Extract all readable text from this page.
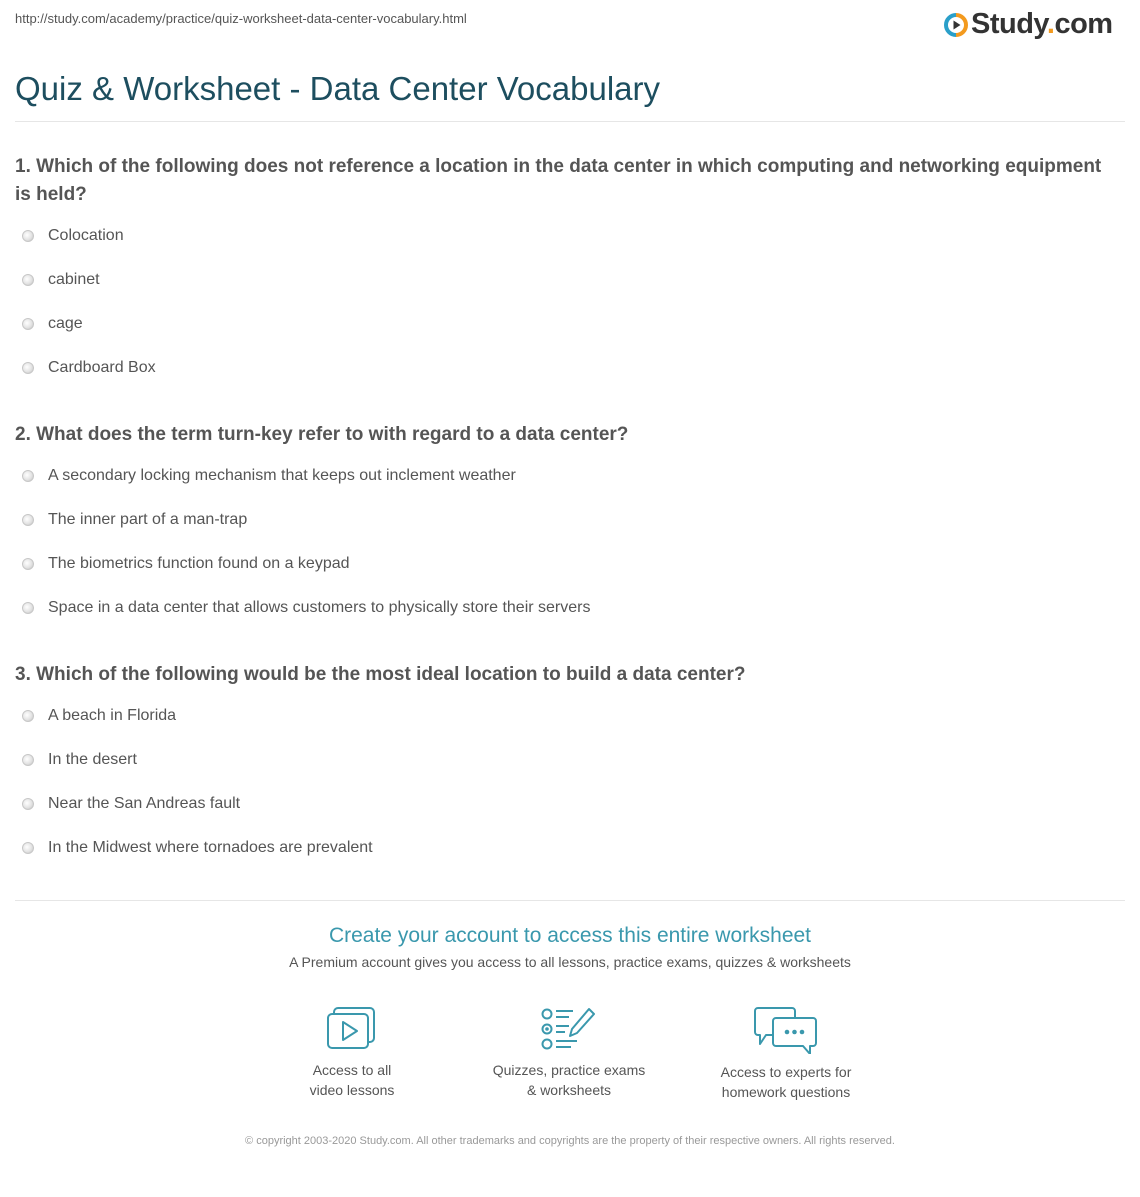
http://study.com/academy/practice/quiz-worksheet-data-center-vocabulary.html	Study.com
Quiz & Worksheet - Data Center Vocabulary
1. Which of the following does not reference a location in the data center in which computing and networking equipment is held?
Colocation
cabinet
cage
Cardboard Box
2. What does the term turn-key refer to with regard to a data center?
A secondary locking mechanism that keeps out inclement weather
The inner part of a man-trap
The biometrics function found on a keypad
Space in a data center that allows customers to physically store their servers
3. Which of the following would be the most ideal location to build a data center?
A beach in Florida
In the desert
Near the San Andreas fault
In the Midwest where tornadoes are prevalent
Create your account to access this entire worksheet
A Premium account gives you access to all lessons, practice exams, quizzes & worksheets
Access to all
video lessons
Quizzes, practice exams
& worksheets
Access to experts for
homework questions
© copyright 2003-2020 Study.com. All other trademarks and copyrights are the property of their respective owners. All rights reserved.
